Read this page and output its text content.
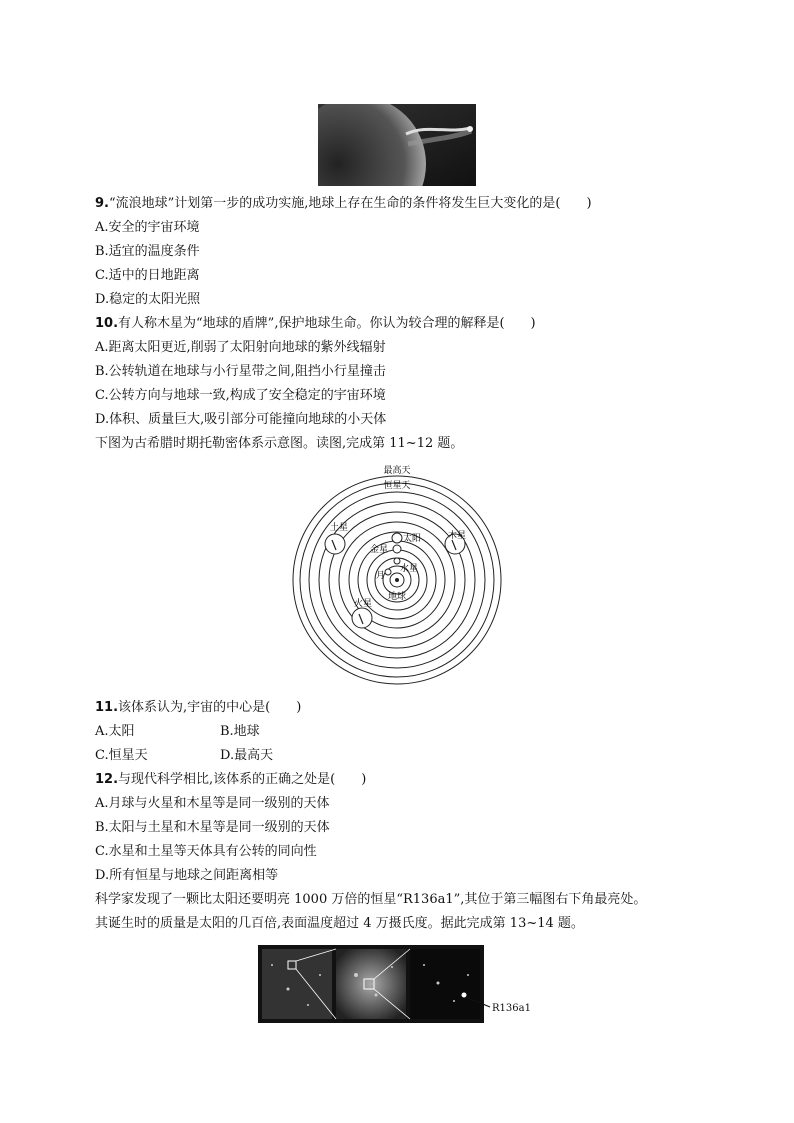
9.“流浪地球”计划第一步的成功实施,地球上存在生命的条件将发生巨大变化的是(　　)
A.安全的宇宙环境
B.适宜的温度条件
C.适中的日地距离
D.稳定的太阳光照
10.有人称木星为“地球的盾牌”,保护地球生命。你认为较合理的解释是(　　)
A.距离太阳更近,削弱了太阳射向地球的紫外线辐射
B.公转轨道在地球与小行星带之间,阻挡小行星撞击
C.公转方向与地球一致,构成了安全稳定的宇宙环境
D.体积、质量巨大,吸引部分可能撞向地球的小天体
下图为古希腊时期托勒密体系示意图。读图,完成第 11~12 题。
最高天
恒星天
土星
木星
金星
太阳
水星
月
火星
地球
11.该体系认为,宇宙的中心是(　　)
A.太阳	B.地球
C.恒星天	D.最高天
12.与现代科学相比,该体系的正确之处是(　　)
A.月球与火星和木星等是同一级别的天体
B.太阳与土星和木星等是同一级别的天体
C.水星和土星等天体具有公转的同向性
D.所有恒星与地球之间距离相等
科学家发现了一颗比太阳还要明亮 1000 万倍的恒星“R136a1”,其位于第三幅图右下角最亮处。
其诞生时的质量是太阳的几百倍,表面温度超过 4 万摄氏度。据此完成第 13~14 题。
R136a1
